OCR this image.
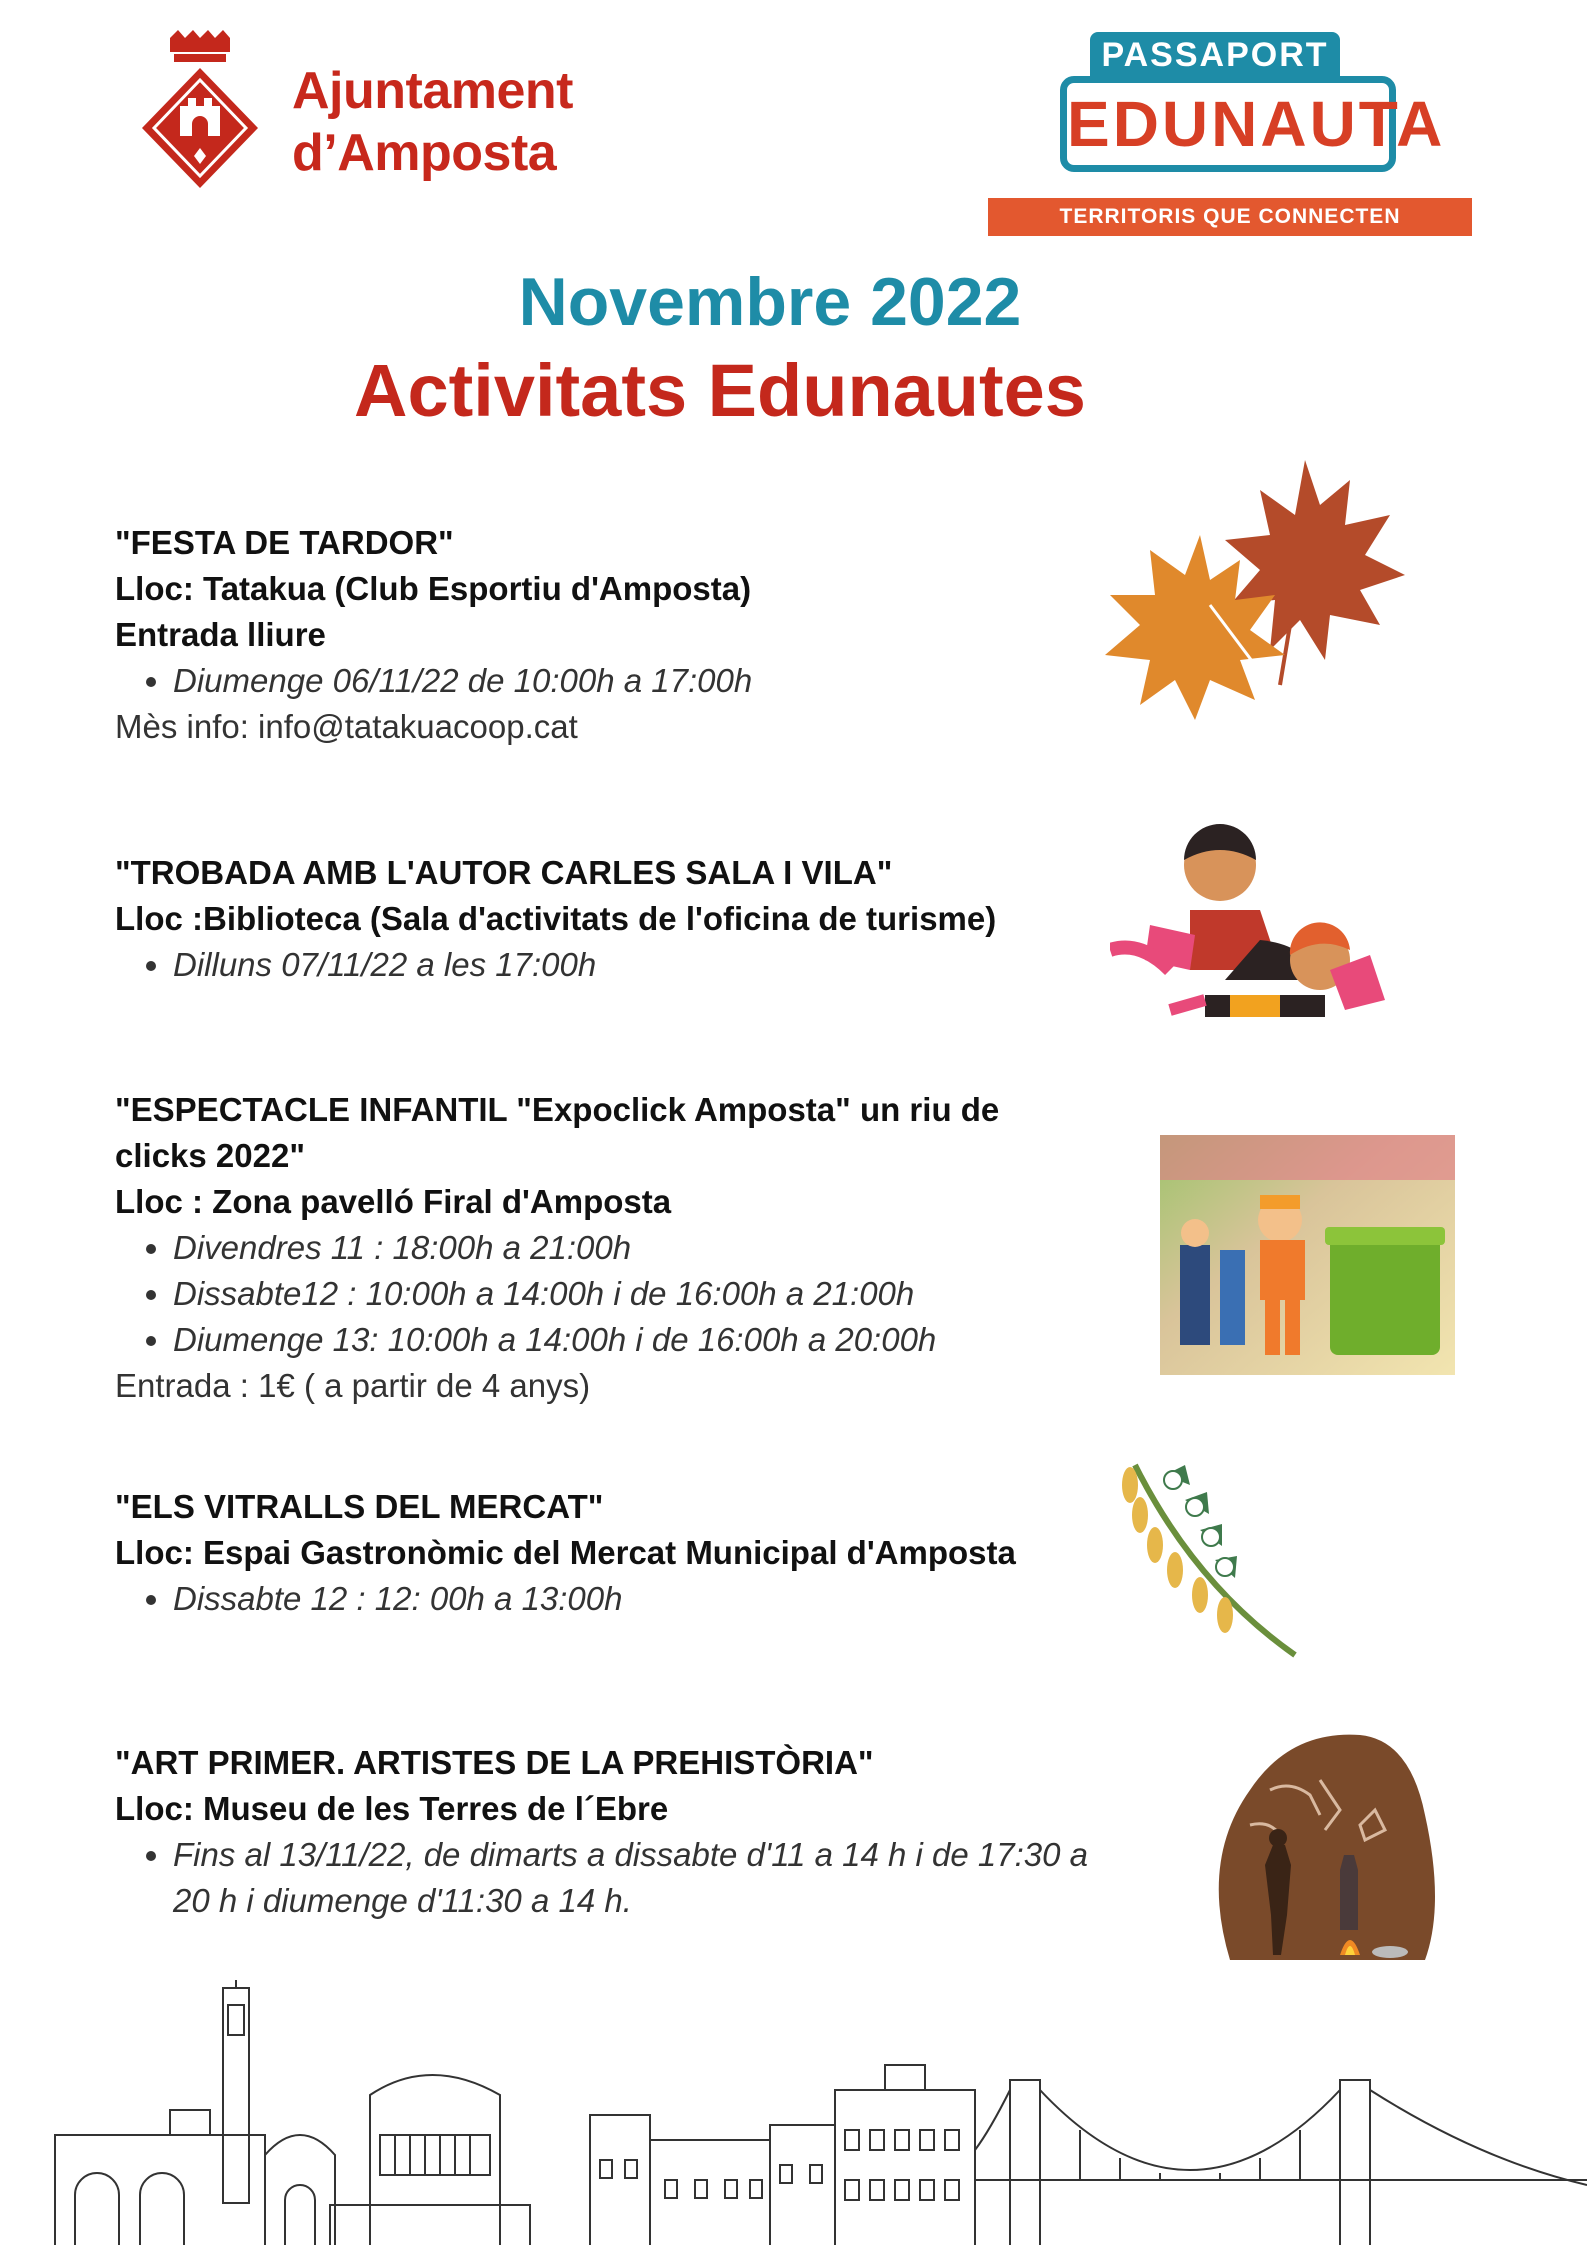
Ajuntament
d’Amposta
PASSAPORT
EDUNAUTA
TERRITORIS QUE CONNECTEN OPORTUNITATS
Novembre 2022
Activitats Edunautes
"FESTA DE TARDOR"
Lloc: Tatakua (Club Esportiu d'Amposta)
Entrada lliure
• Diumenge 06/11/22 de 10:00h a 17:00h
Mès info: info@tatakuacoop.cat
"TROBADA AMB L'AUTOR CARLES SALA I VILA"
Lloc :Biblioteca (Sala d'activitats de l'oficina de turisme)
• Dilluns 07/11/22 a les 17:00h
"ESPECTACLE INFANTIL "Expoclick Amposta" un riu de clicks 2022"
Lloc : Zona pavelló Firal d'Amposta
• Divendres 11 : 18:00h a 21:00h
• Dissabte12 : 10:00h a 14:00h i de 16:00h a 21:00h
• Diumenge 13: 10:00h a 14:00h i de 16:00h a 20:00h
Entrada : 1€ ( a partir de 4 anys)
"ELS VITRALLS DEL MERCAT"
Lloc: Espai Gastronòmic del Mercat Municipal d'Amposta
• Dissabte 12 : 12: 00h a 13:00h
"ART PRIMER. ARTISTES DE LA PREHISTÒRIA"
Lloc: Museu de les Terres de l´Ebre
• Fins al 13/11/22, de dimarts a dissabte d'11 a 14 h i de 17:30 a 20 h i diumenge d'11:30 a 14 h.
